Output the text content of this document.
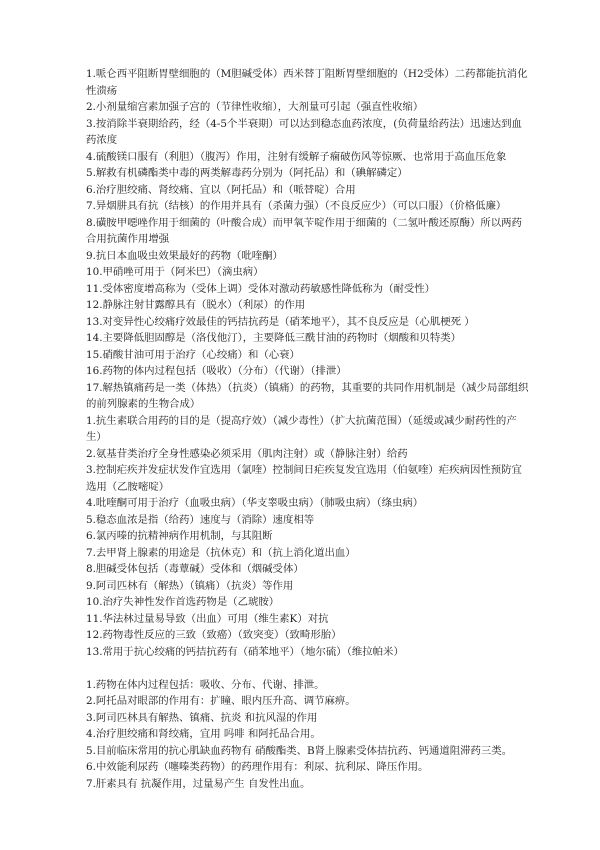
1.哌仑西平阻断胃壁细胞的（M胆碱受体）西米替丁阻断胃壁细胞的（H2受体）二药都能抗消化性溃疡

2.小剂量缩宫素加强子宫的（节律性收缩），大剂量可引起（强直性收缩）

3.按消除半衰期给药，经（4-5个半衰期）可以达到稳态血药浓度，(负荷量给药法）迅速达到血药浓度

4.硫酸镁口服有（利胆）（腹泻）作用，注射有缓解子痫破伤风等惊厥、也常用于高血压危象

5.解救有机磷酯类中毒的两类解毒药分别为（阿托品）和（碘解磷定）

6.治疗胆绞痛、肾绞痛、宜以（阿托品）和（哌替啶）合用

7.异烟肼具有抗（结核）的作用并具有（杀菌力强）（不良反应少）（可以口服）（价格低廉）

8.磺胺甲噁唑作用于细菌的（叶酸合成）而甲氧苄啶作用于细菌的（二氢叶酸还原酶）所以两药合用抗菌作用增强

9.抗日本血吸虫效果最好的药物（吡喹酮）

10.甲硝唑可用于（阿米巴）（滴虫病）

11.受体密度增高称为（受体上调）受体对激动药敏感性降低称为（耐受性）

12.静脉注射甘露醇具有（脱水）（利尿）的作用

13.对变异性心绞痛疗效最佳的钙拮抗药是（硝苯地平），其不良反应是（心肌梗死 ）

14.主要降低胆固醇是（洛伐他汀），主要降低三酰甘油的药物时（烟酸和贝特类）

15.硝酸甘油可用于治疗（心绞痛）和（心衰）

16.药物的体内过程包括（吸收）（分布）（代谢）（排泄）

17.解热镇痛药是一类（体热）（抗炎）（镇痛）的药物，其重要的共同作用机制是（减少局部组织的前列腺素的生物合成）

1.抗生素联合用药的目的是（提高疗效）（减少毒性）（扩大抗菌范围）（延缓或减少耐药性的产生）

2.氨基苷类治疗全身性感染必须采用（肌肉注射）或（静脉注射）给药

3.控制疟疾并发症状发作宜选用（氯喹）控制间日疟疾复发宜选用（伯氨喹）疟疾病因性预防宜选用（乙胺嘧啶）

4.吡喹酮可用于治疗（血吸虫病）（华支睾吸虫病）（肺吸虫病）（绦虫病）

5.稳态血浓是指（给药）速度与（消除）速度相等

6.氯丙嗪的抗精神病作用机制，与其阻断

7.去甲肾上腺素的用途是（抗休克）和（抗上消化道出血）

8.胆碱受体包括（毒蕈碱）受体和（烟碱受体）

9.阿司匹林有（解热）（镇痛）（抗炎）等作用

10.治疗失神性发作首选药物是（乙琥胺）

11.华法林过量易导致（出血）可用（维生素K）对抗

12.药物毒性反应的三致（致癌）（致突变）（致畸形胎）

13.常用于抗心绞痛的钙拮抗药有（硝苯地平）（地尔硫）（维拉帕米）

1.药物在体内过程包括：吸收、分布、代谢、排泄。

2.阿托品对眼部的作用有：扩瞳、眼内压升高、调节麻痹。

3.阿司匹林具有解热、镇痛、抗炎 和抗风湿的作用

4.治疗胆绞痛和肾绞痛，宜用 吗啡 和阿托品合用。

5.目前临床常用的抗心肌缺血药物有 硝酸酯类、B肾上腺素受体拮抗药、钙通道阻滞药三类。

6.中效能利尿药（噻嗪类药物）的药理作用有：利尿、抗利尿、降压作用。

7.肝素具有 抗凝作用，过量易产生 自发性出血。
